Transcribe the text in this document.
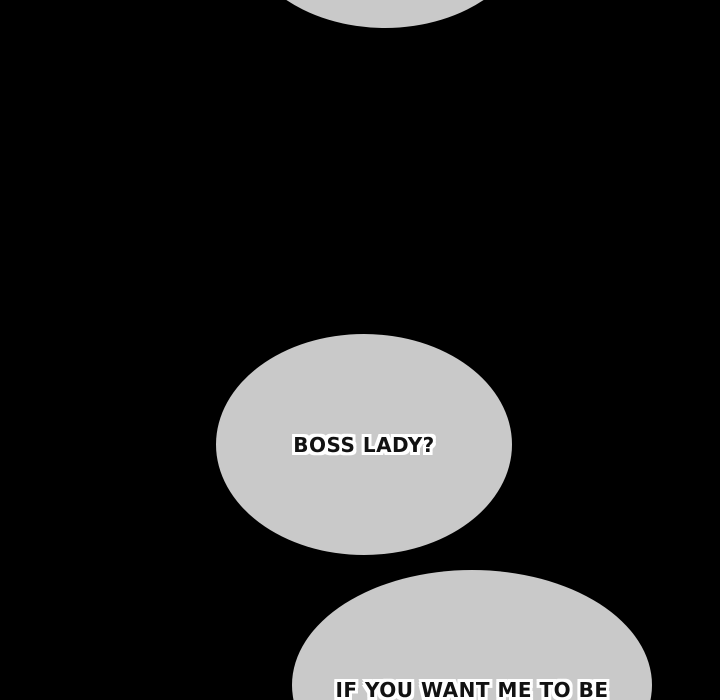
BOSS LADY?
IF YOU WANT ME TO BE
